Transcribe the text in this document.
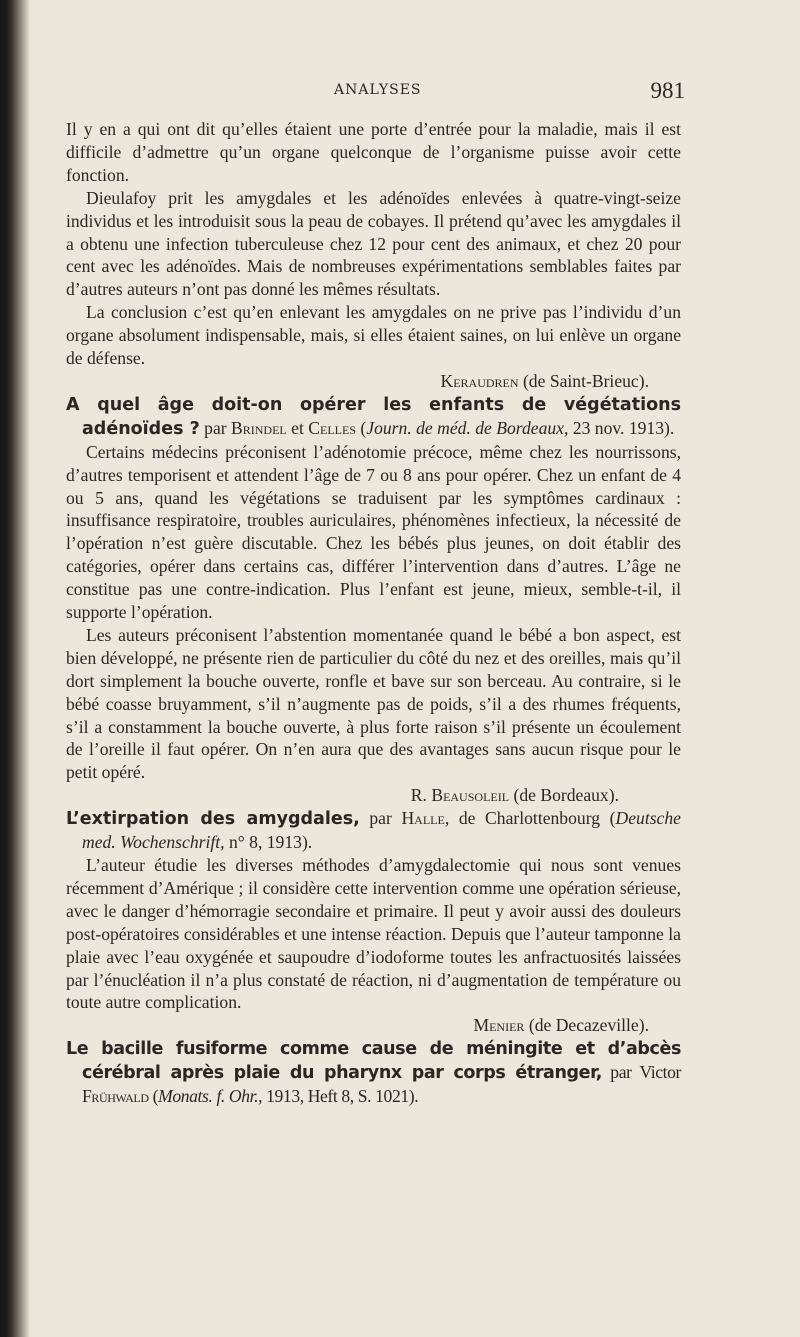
ANALYSES	981

Il y en a qui ont dit qu’elles étaient une porte d’entrée pour la maladie, mais il est difficile d’admettre qu’un organe quelconque de l’organisme puisse avoir cette fonction.

Dieulafoy prit les amygdales et les adénoïdes enlevées à quatre-vingt-seize individus et les introduisit sous la peau de cobayes. Il prétend qu’avec les amygdales il a obtenu une infection tuberculeuse chez 12 pour cent des animaux, et chez 20 pour cent avec les adénoïdes. Mais de nombreuses expérimentations semblables faites par d’autres auteurs n’ont pas donné les mêmes résultats.

La conclusion c’est qu’en enlevant les amygdales on ne prive pas l’individu d’un organe absolument indispensable, mais, si elles étaient saines, on lui enlève un organe de défense.

Keraudren (de Saint-Brieuc).

A quel âge doit-on opérer les enfants de végétations adénoïdes ? par Brindel et Celles (Journ. de méd. de Bordeaux, 23 nov. 1913).

Certains médecins préconisent l’adénotomie précoce, même chez les nourrissons, d’autres temporisent et attendent l’âge de 7 ou 8 ans pour opérer. Chez un enfant de 4 ou 5 ans, quand les végétations se traduisent par les symptômes cardinaux : insuffisance respiratoire, troubles auriculaires, phénomènes infectieux, la nécessité de l’opération n’est guère discutable. Chez les bébés plus jeunes, on doit établir des catégories, opérer dans certains cas, différer l’intervention dans d’autres. L’âge ne constitue pas une contre-indication. Plus l’enfant est jeune, mieux, semble-t-il, il supporte l’opération.

Les auteurs préconisent l’abstention momentanée quand le bébé a bon aspect, est bien développé, ne présente rien de particulier du côté du nez et des oreilles, mais qu’il dort simplement la bouche ouverte, ronfle et bave sur son berceau. Au contraire, si le bébé coasse bruyamment, s’il n’augmente pas de poids, s’il a des rhumes fréquents, s’il a constamment la bouche ouverte, à plus forte raison s’il présente un écoulement de l’oreille il faut opérer. On n’en aura que des avantages sans aucun risque pour le petit opéré.

R. Beausoleil (de Bordeaux).

L’extirpation des amygdales, par Halle, de Charlottenbourg (Deutsche med. Wochenschrift, n° 8, 1913).

L’auteur étudie les diverses méthodes d’amygdalectomie qui nous sont venues récemment d’Amérique ; il considère cette intervention comme une opération sérieuse, avec le danger d’hémorragie secondaire et primaire. Il peut y avoir aussi des douleurs post-opératoires considérables et une intense réaction. Depuis que l’auteur tamponne la plaie avec l’eau oxygénée et saupoudre d’iodoforme toutes les anfractuosités laissées par l’énucléation il n’a plus constaté de réaction, ni d’augmentation de température ou toute autre complication.

Menier (de Decazeville).

Le bacille fusiforme comme cause de méningite et d’abcès cérébral après plaie du pharynx par corps étranger, par Victor Frühwald (Monats. f. Ohr., 1913, Heft 8, S. 1021).
